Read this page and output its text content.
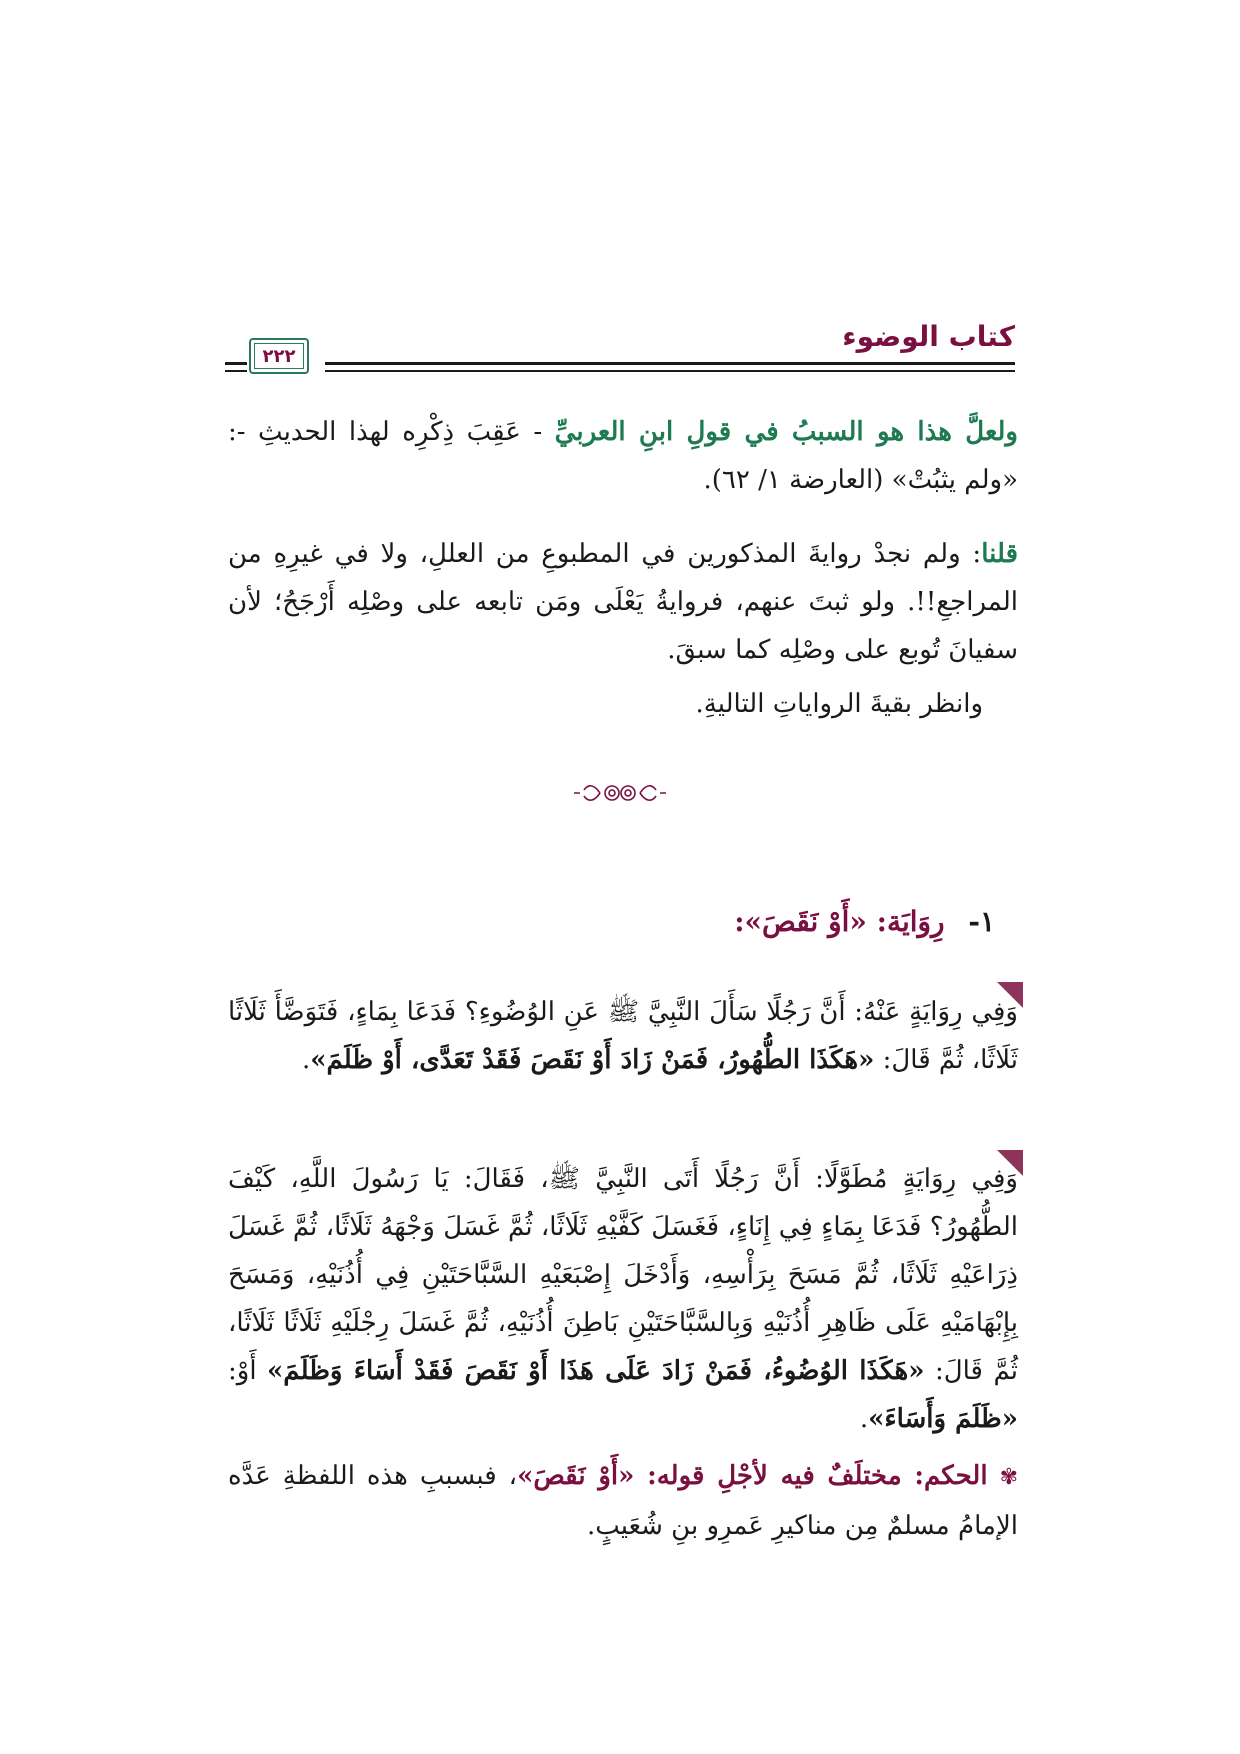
كتاب الوضوء
٢٢٢
ولعلَّ هذا هو السببُ في قولِ ابنِ العربيِّ - عَقِبَ ذِكْرِه لهذا الحديثِ -: «ولم يثبُتْ» (العارضة ١/ ٦٢).
قلنا: ولم نجدْ روايةَ المذكورين في المطبوعِ من العللِ، ولا في غيرِهِ من المراجعِ!!. ولو ثبتَ عنهم، فروايةُ يَعْلَى ومَن تابعه على وصْلِه أَرْجَحُ؛ لأن سفيانَ تُوبع على وصْلِه كما سبقَ.
وانظر بقيةَ الرواياتِ التاليةِ.
١- رِوَايَة: «أَوْ نَقَصَ»:
وَفِي رِوَايَةٍ عَنْهُ: أَنَّ رَجُلًا سَأَلَ النَّبِيَّ ﷺ عَنِ الوُضُوءِ؟ فَدَعَا بِمَاءٍ، فَتَوَضَّأَ ثَلَاثًا ثَلَاثًا، ثُمَّ قَالَ: «هَكَذَا الطُّهُورُ، فَمَنْ زَادَ أَوْ نَقَصَ فَقَدْ تَعَدَّى، أَوْ ظَلَمَ».
وَفِي رِوَايَةٍ مُطَوَّلًا: أَنَّ رَجُلًا أَتَى النَّبِيَّ ﷺ، فَقَالَ: يَا رَسُولَ اللَّهِ، كَيْفَ الطُّهُورُ؟ فَدَعَا بِمَاءٍ فِي إِنَاءٍ، فَغَسَلَ كَفَّيْهِ ثَلَاثًا، ثُمَّ غَسَلَ وَجْهَهُ ثَلَاثًا، ثُمَّ غَسَلَ ذِرَاعَيْهِ ثَلَاثًا، ثُمَّ مَسَحَ بِرَأْسِهِ، وَأَدْخَلَ إِصْبَعَيْهِ السَّبَّاحَتَيْنِ فِي أُذُنَيْهِ، وَمَسَحَ بِإِبْهَامَيْهِ عَلَى ظَاهِرِ أُذُنَيْهِ وَبِالسَّبَّاحَتَيْنِ بَاطِنَ أُذُنَيْهِ، ثُمَّ غَسَلَ رِجْلَيْهِ ثَلَاثًا ثَلَاثًا، ثُمَّ قَالَ: «هَكَذَا الوُضُوءُ، فَمَنْ زَادَ عَلَى هَذَا أَوْ نَقَصَ فَقَدْ أَسَاءَ وَظَلَمَ» أَوْ: «ظَلَمَ وَأَسَاءَ».
✾ الحكم: مختلَفٌ فيه لأجْلِ قوله: «أَوْ نَقَصَ»، فبسببِ هذه اللفظةِ عَدَّه الإمامُ مسلمٌ مِن مناكيرِ عَمرِو بنِ شُعَيبٍ.
